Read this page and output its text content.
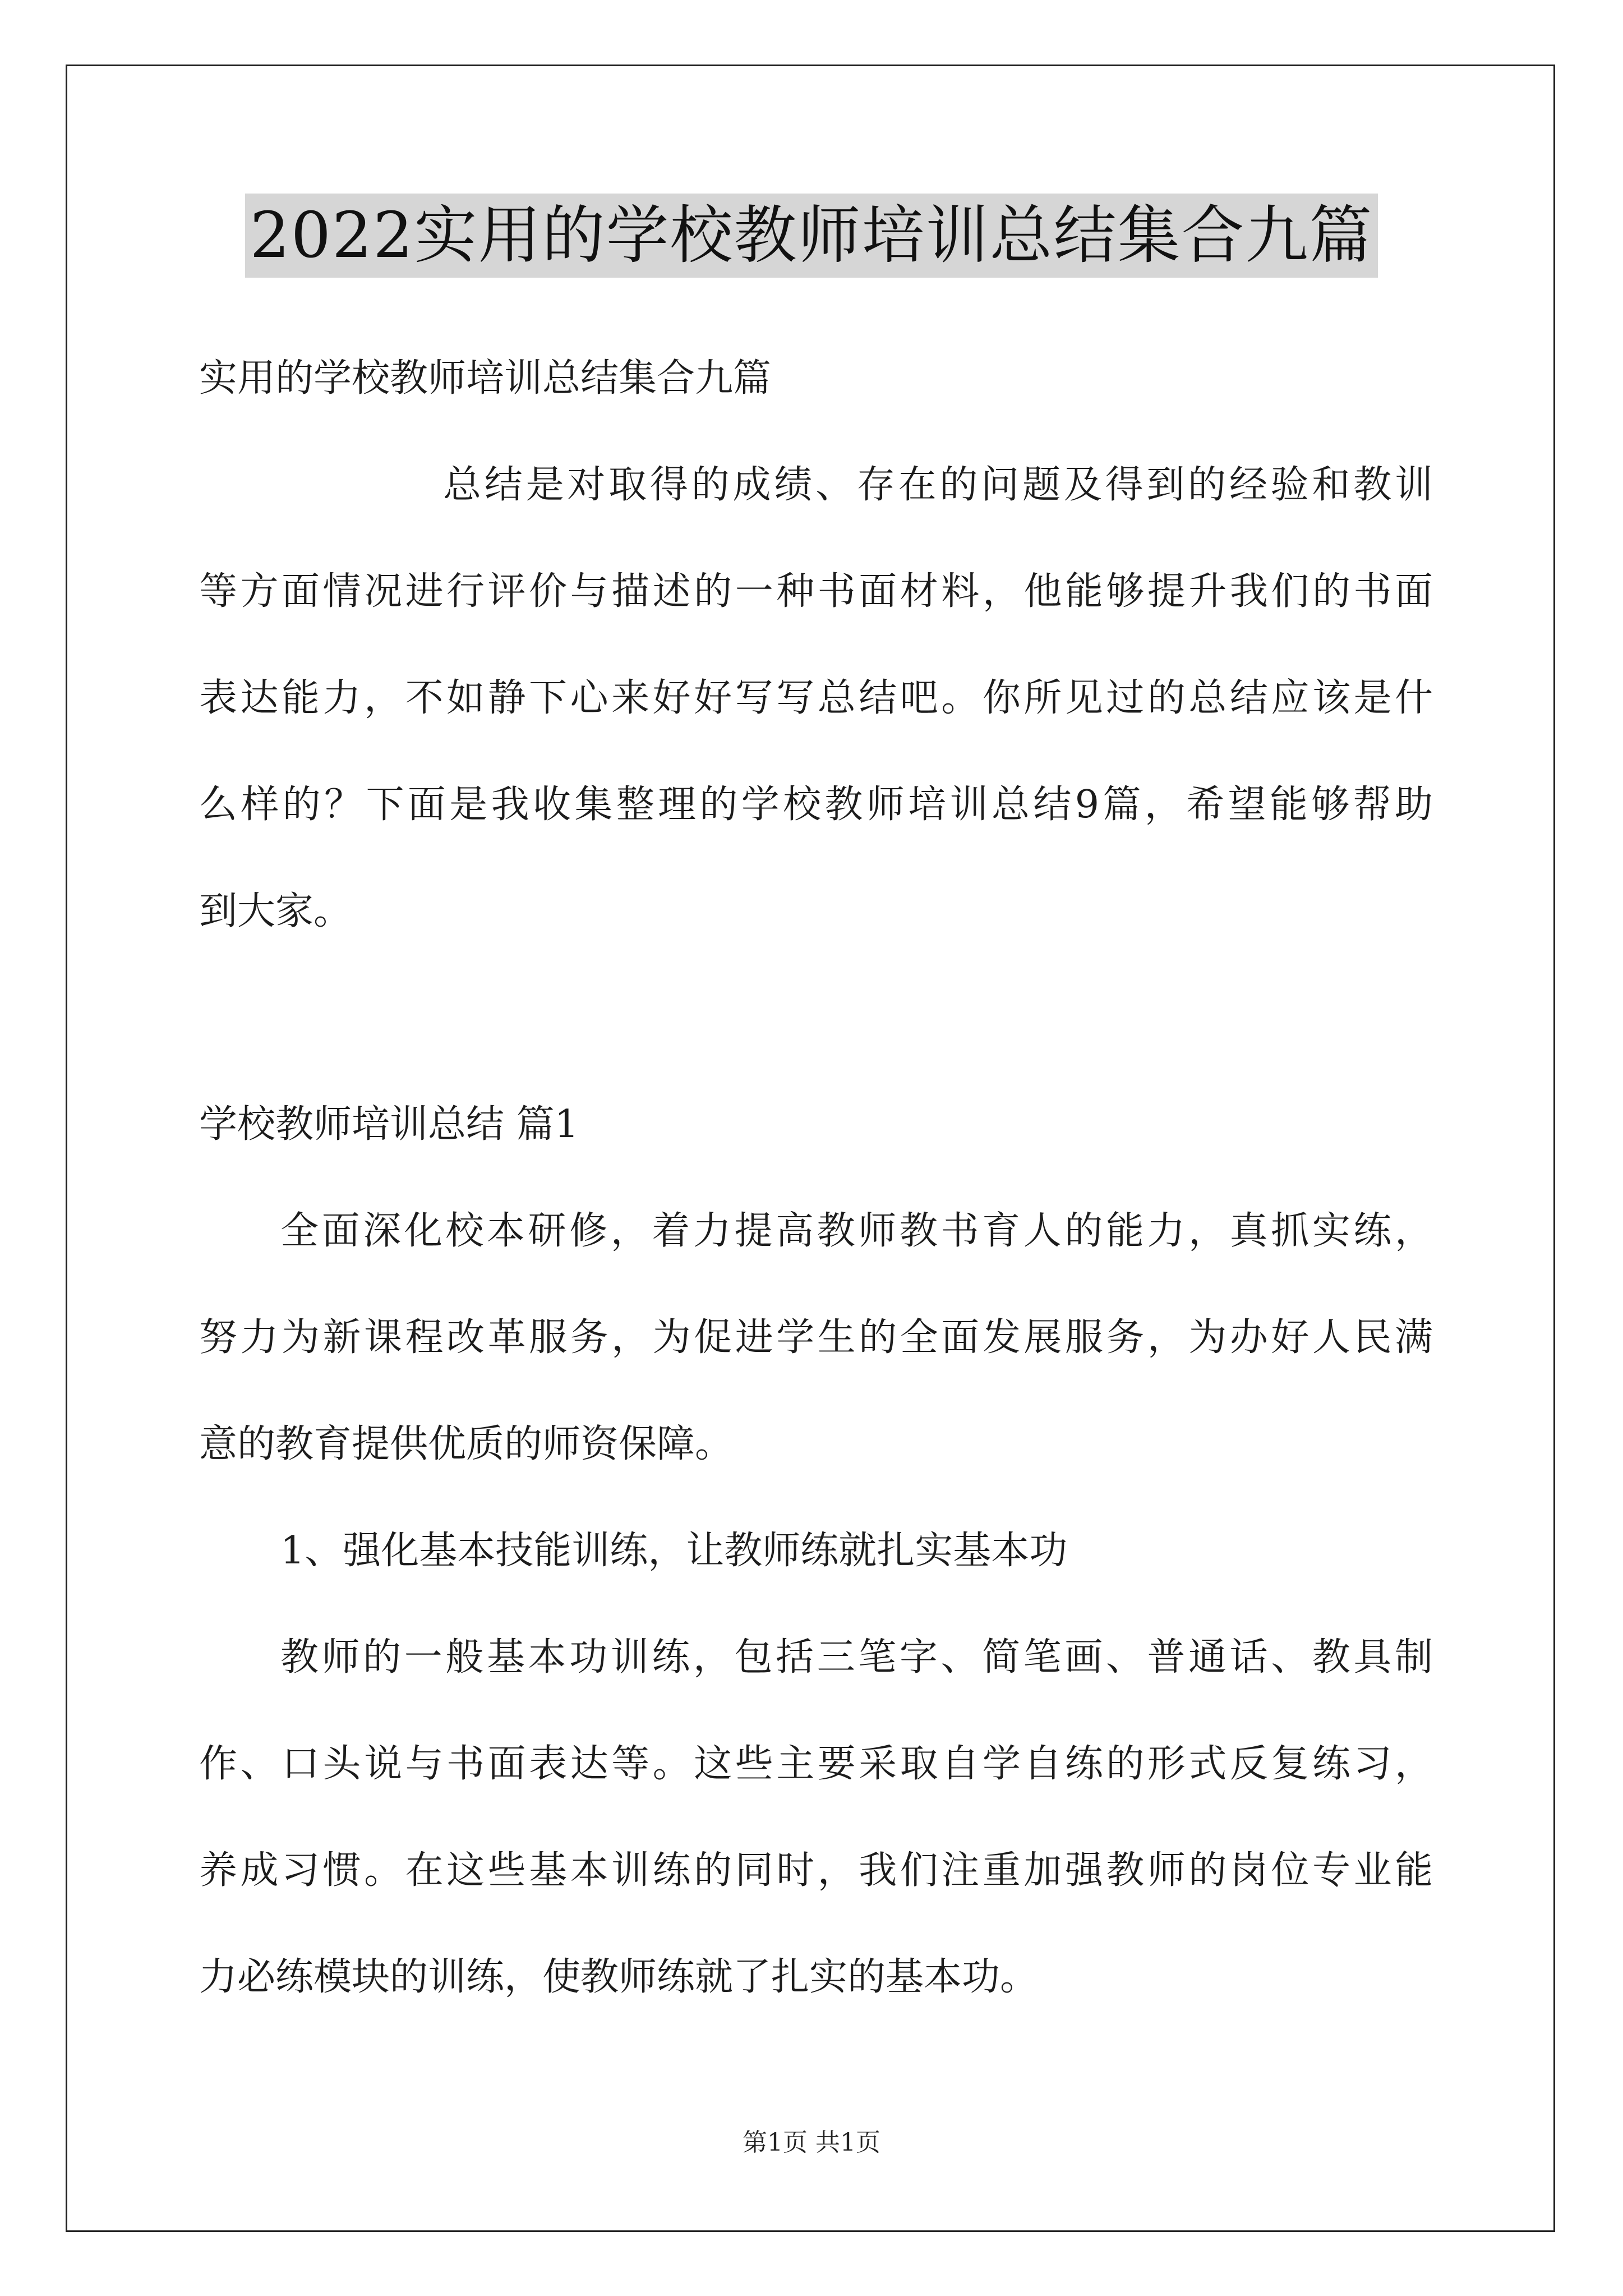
2022实用的学校教师培训总结集合九篇
实用的学校教师培训总结集合九篇
总结是对取得的成绩、存在的问题及得到的经验和教训
等方面情况进行评价与描述的一种书面材料，他能够提升我们的书面
表达能力，不如静下心来好好写写总结吧。你所见过的总结应该是什
么样的？下面是我收集整理的学校教师培训总结9篇，希望能够帮助
到大家。
学校教师培训总结 篇1
全面深化校本研修，着力提高教师教书育人的能力，真抓实练，
努力为新课程改革服务，为促进学生的全面发展服务，为办好人民满
意的教育提供优质的师资保障。
1、强化基本技能训练，让教师练就扎实基本功
教师的一般基本功训练，包括三笔字、简笔画、普通话、教具制
作、口头说与书面表达等。这些主要采取自学自练的形式反复练习，
养成习惯。在这些基本训练的同时，我们注重加强教师的岗位专业能
力必练模块的训练，使教师练就了扎实的基本功。
第1页 共1页
